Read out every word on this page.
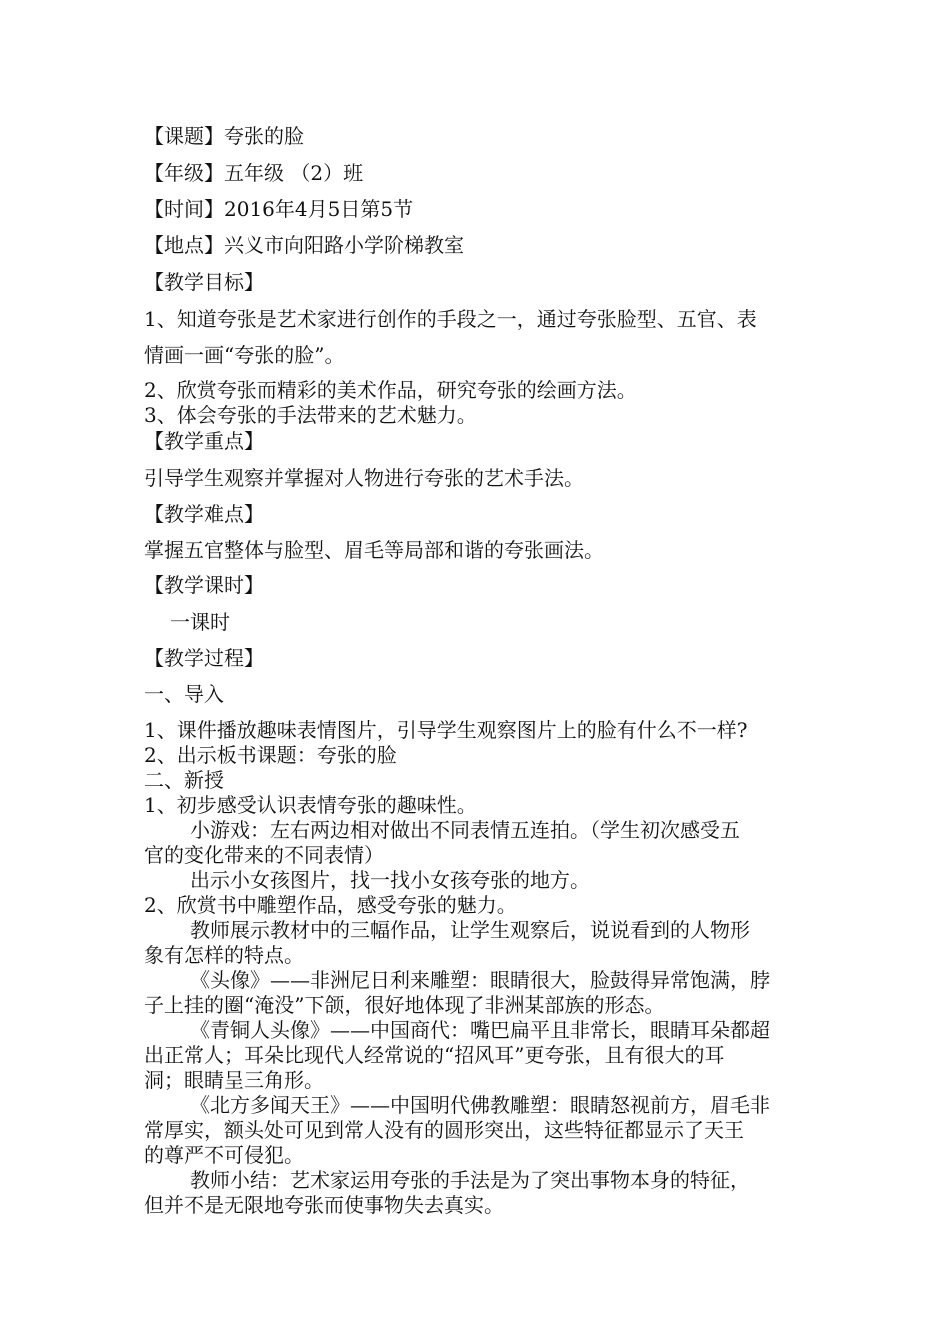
【课题】夸张的脸
【年级】五年级 （2）班
【时间】2016年4月5日第5节
【地点】兴义市向阳路小学阶梯教室
【教学目标】
1、知道夸张是艺术家进行创作的手段之一，通过夸张脸型、五官、表
情画一画“夸张的脸”。
2、欣赏夸张而精彩的美术作品，研究夸张的绘画方法。
3、体会夸张的手法带来的艺术魅力。
【教学重点】
引导学生观察并掌握对人物进行夸张的艺术手法。
【教学难点】
掌握五官整体与脸型、眉毛等局部和谐的夸张画法。
【教学课时】
一课时
【教学过程】
一、导入
1、课件播放趣味表情图片，引导学生观察图片上的脸有什么不一样?
2、出示板书课题：夸张的脸
二、新授
1、初步感受认识表情夸张的趣味性。
小游戏：左右两边相对做出不同表情五连拍。（学生初次感受五
官的变化带来的不同表情）
出示小女孩图片，找一找小女孩夸张的地方。
2、欣赏书中雕塑作品，感受夸张的魅力。
教师展示教材中的三幅作品，让学生观察后，说说看到的人物形
象有怎样的特点。
《头像》——非洲尼日利来雕塑：眼睛很大，脸鼓得异常饱满，脖
子上挂的圈“淹没”下颌，很好地体现了非洲某部族的形态。
《青铜人头像》——中国商代：嘴巴扁平且非常长，眼睛耳朵都超
出正常人；耳朵比现代人经常说的“招风耳”更夸张，且有很大的耳
洞；眼睛呈三角形。
《北方多闻天王》——中国明代佛教雕塑：眼睛怒视前方，眉毛非
常厚实，额头处可见到常人没有的圆形突出，这些特征都显示了天王
的尊严不可侵犯。
教师小结：艺术家运用夸张的手法是为了突出事物本身的特征，
但并不是无限地夸张而使事物失去真实。
